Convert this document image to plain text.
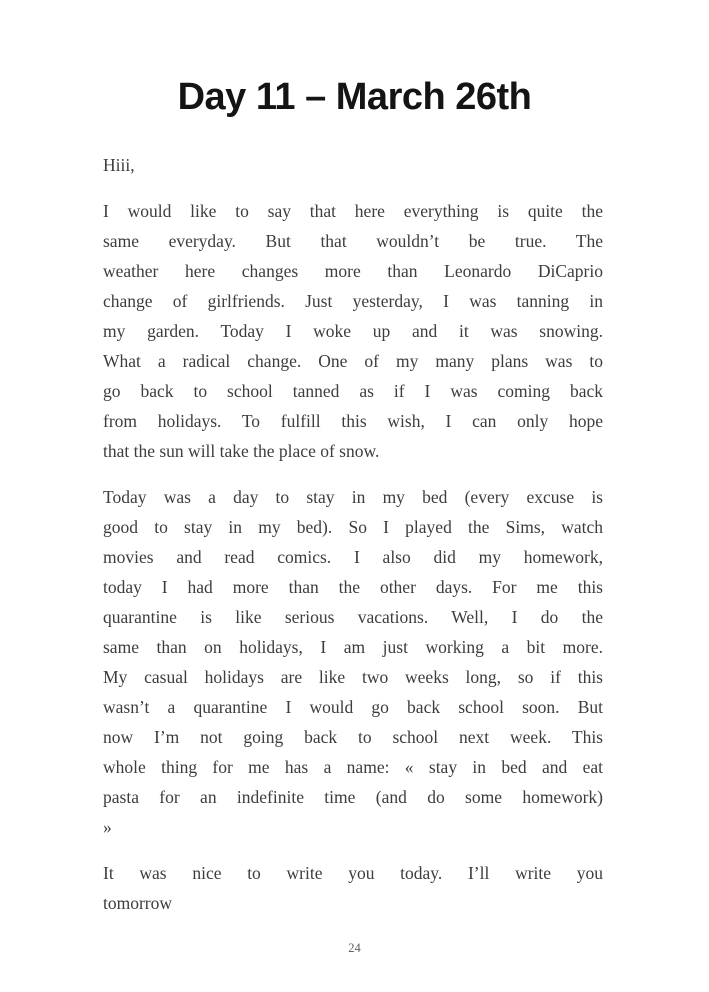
Day 11 – March 26th

Hiii,

I would like to say that here everything is quite the
same everyday. But that wouldn’t be true. The
weather here changes more than Leonardo DiCaprio
change of girlfriends. Just yesterday, I was tanning in
my garden. Today I woke up and it was snowing.
What a radical change. One of my many plans was to
go back to school tanned as if I was coming back
from holidays. To fulfill this wish, I can only hope
that the sun will take the place of snow.

Today was a day to stay in my bed (every excuse is
good to stay in my bed). So I played the Sims, watch
movies and read comics. I also did my homework,
today I had more than the other days. For me this
quarantine is like serious vacations. Well, I do the
same than on holidays, I am just working a bit more.
My casual holidays are like two weeks long, so if this
wasn’t a quarantine I would go back school soon. But
now I’m not going back to school next week. This
whole thing for me has a name: « stay in bed and eat
pasta for an indefinite time (and do some homework)
»

It was nice to write you today. I’ll write you
tomorrow

24
